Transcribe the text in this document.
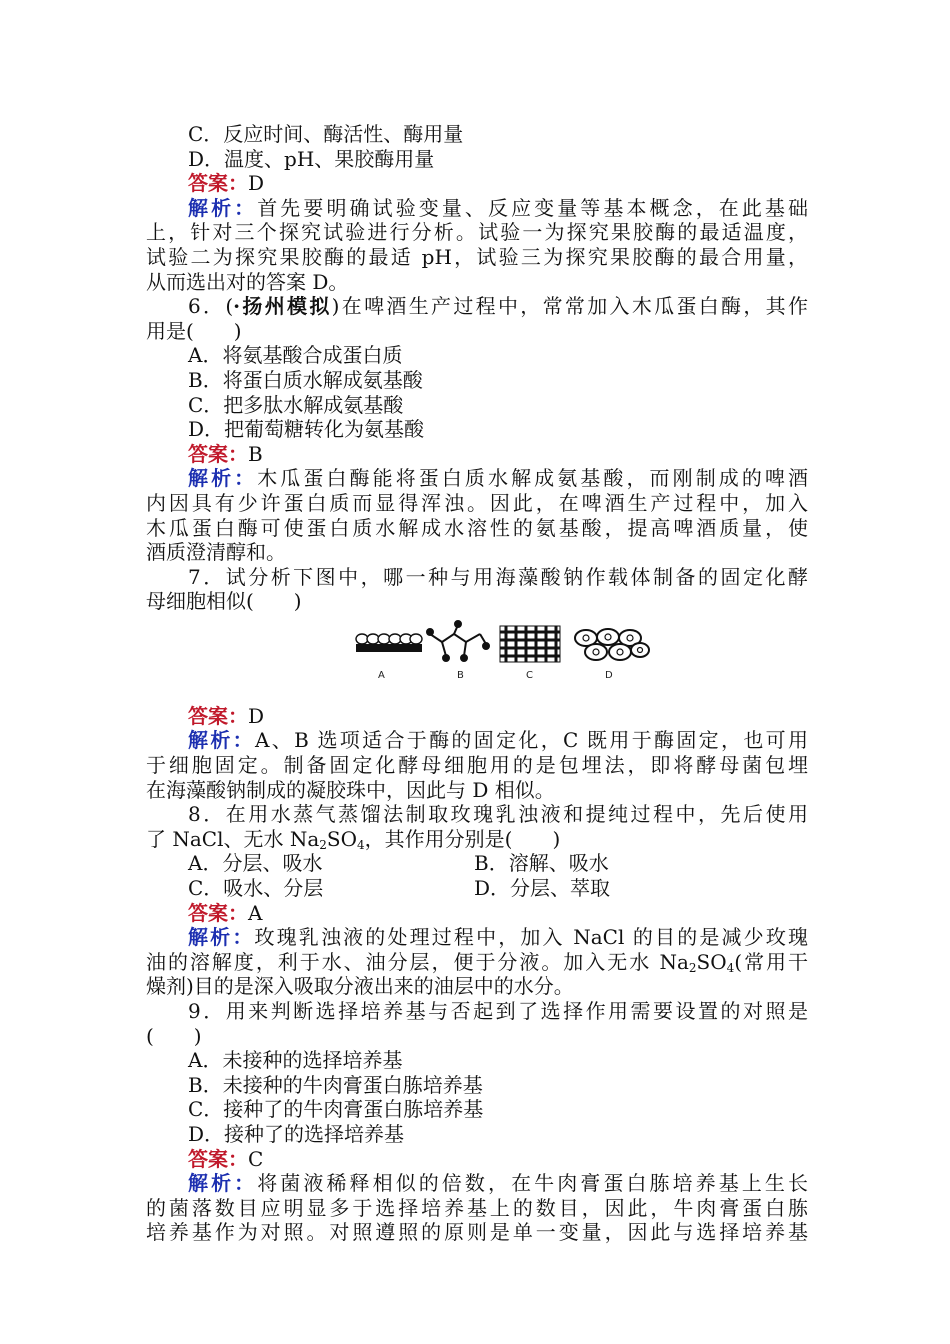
C．反应时间、酶活性、酶用量
D．温度、pH、果胶酶用量
答案：D
解析：首先要明确试验变量、反应变量等基本概念，在此基础
上，针对三个探究试验进行分析。试验一为探究果胶酶的最适温度，
试验二为探究果胶酶的最适 pH，试验三为探究果胶酶的最合用量，
从而选出对的答案 D。
6．(·扬州模拟)在啤酒生产过程中，常常加入木瓜蛋白酶，其作
用是(　　)
A．将氨基酸合成蛋白质
B．将蛋白质水解成氨基酸
C．把多肽水解成氨基酸
D．把葡萄糖转化为氨基酸
答案：B
解析：木瓜蛋白酶能将蛋白质水解成氨基酸，而刚制成的啤酒
内因具有少许蛋白质而显得浑浊。因此，在啤酒生产过程中，加入
木瓜蛋白酶可使蛋白质水解成水溶性的氨基酸，提高啤酒质量，使
酒质澄清醇和。
7．试分析下图中，哪一种与用海藻酸钠作载体制备的固定化酵
母细胞相似(　　)
A	B	C	D
答案：D
解析：A、B 选项适合于酶的固定化，C 既用于酶固定，也可用
于细胞固定。制备固定化酵母细胞用的是包埋法，即将酵母菌包埋
在海藻酸钠制成的凝胶珠中，因此与 D 相似。
8．在用水蒸气蒸馏法制取玫瑰乳浊液和提纯过程中，先后使用
了 NaCl、无水 $Na_2SO_4$，其作用分别是(　　)
A．分层、吸水	B．溶解、吸水
C．吸水、分层	D．分层、萃取
答案：A
解析：玫瑰乳浊液的处理过程中，加入 NaCl 的目的是减少玫瑰
油的溶解度，利于水、油分层，便于分液。加入无水 $Na_2SO_4$(常用干
燥剂)目的是深入吸取分液出来的油层中的水分。
9．用来判断选择培养基与否起到了选择作用需要设置的对照是
(　　)
A．未接种的选择培养基
B．未接种的牛肉膏蛋白胨培养基
C．接种了的牛肉膏蛋白胨培养基
D．接种了的选择培养基
答案：C
解析：将菌液稀释相似的倍数，在牛肉膏蛋白胨培养基上生长
的菌落数目应明显多于选择培养基上的数目，因此，牛肉膏蛋白胨
培养基作为对照。对照遵照的原则是单一变量，因此与选择培养基
